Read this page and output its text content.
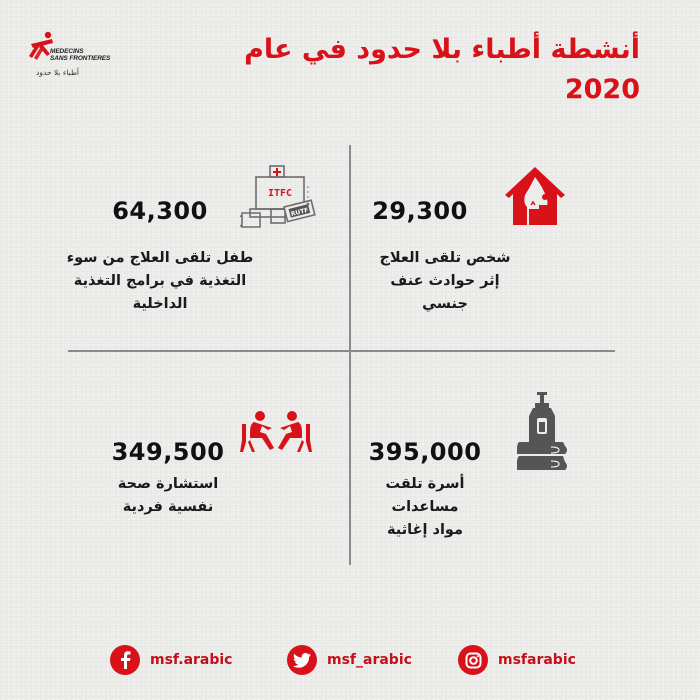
MEDECINS
SANS FRONTIERES
أطباء بلا حدود
أنشطة أطباء بلا حدود في عام 2020
ITFC
RUTF
64,300
طفل تلقى العلاج من سوء
التغذية في برامج التغذية
الداخلية
29,300
شخص تلقى العلاج
إثر حوادث عنف
جنسي
349,500
استشارة صحة
نفسية فردية
395,000
أسرة تلقت مساعدات
مواد إغاثية
msf.arabic	msf_arabic	msfarabic
